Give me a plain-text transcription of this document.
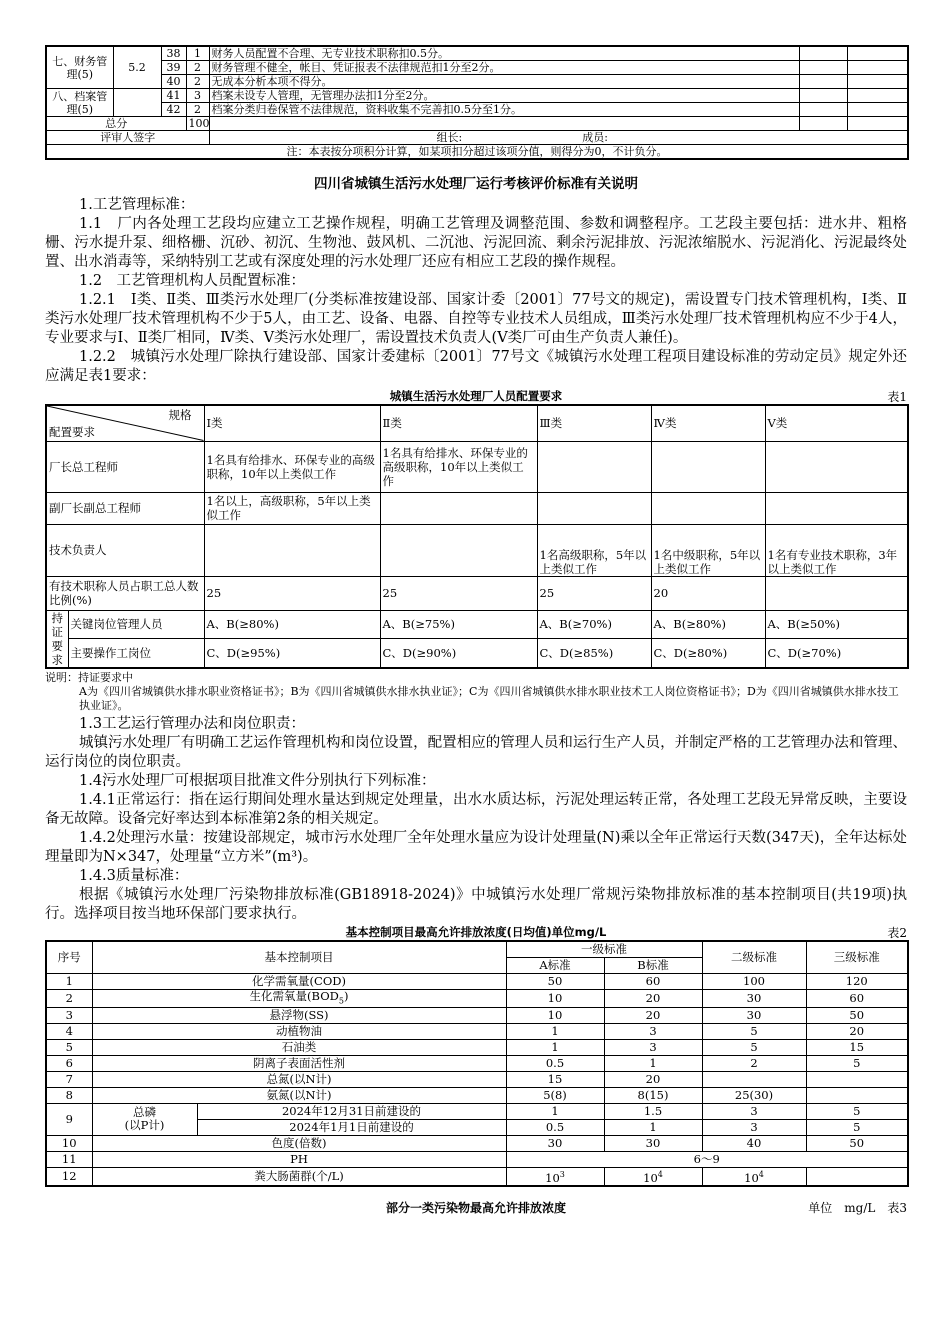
七、财务管理(5)	5.2	38	1	财务人员配置不合理、无专业技术职称扣0.5分。		
		39	2	财务管理不健全，帐目、凭证报表不法律规范扣1分至2分。		
		40	2	无成本分析本项不得分。		
八、档案管理(5)		41	3	档案未设专人管理，无管理办法扣1分至2分。		
		42	2	档案分类归卷保管不法律规范，资料收集不完善扣0.5分至1分。		
总分			100			
评审人签字				组长: 成员:		
注：本表按分项积分计算，如某项扣分超过该项分值，则得分为0，不计负分。						
四川省城镇生活污水处理厂运行考核评价标准有关说明

1.工艺管理标准：

1.1　厂内各处理工艺段均应建立工艺操作规程，明确工艺管理及调整范围、参数和调整程序。工艺段主要包括：进水井、粗格栅、污水提升泵、细格栅、沉砂、初沉、生物池、鼓风机、二沉池、污泥回流、剩余污泥排放、污泥浓缩脱水、污泥消化、污泥最终处置、出水消毒等，采纳特别工艺或有深度处理的污水处理厂还应有相应工艺段的操作规程。

1.2　工艺管理机构人员配置标准：

1.2.1　Ⅰ类、Ⅱ类、Ⅲ类污水处理厂(分类标准按建设部、国家计委〔2001〕77号文的规定)，需设置专门技术管理机构，Ⅰ类、Ⅱ类污水处理厂技术管理机构不少于5人，由工艺、设备、电器、自控等专业技术人员组成，Ⅲ类污水处理厂技术管理机构应不少于4人，专业要求与Ⅰ、Ⅱ类厂相同，Ⅳ类、Ⅴ类污水处理厂，需设置技术负责人(Ⅴ类厂可由生产负责人兼任)。

1.2.2　城镇污水处理厂除执行建设部、国家计委建标〔2001〕77号文《城镇污水处理工程项目建设标准的劳动定员》规定外还应满足表1要求：

城镇生活污水处理厂人员配置要求	表1
规格
配置要求		Ⅰ类	Ⅱ类	Ⅲ类	Ⅳ类	Ⅴ类
厂长总工程师		1名具有给排水、环保专业的高级职称，10年以上类似工作	1名具有给排水、环保专业的高级职称，10年以上类似工作			
副厂长副总工程师		1名以上，高级职称，5年以上类似工作				
技术负责人				1名高级职称，5年以上类似工作	1名中级职称，5年以上类似工作	1名有专业技术职称，3年以上类似工作
有技术职称人员占职工总人数比例(%)		25	25	25	20	
持证要求	关键岗位管理人员	A、B(≥80%)	A、B(≥75%)	A、B(≥70%)	A、B(≥80%)	A、B(≥50%)
	主要操作工岗位	C、D(≥95%)	C、D(≥90%)	C、D(≥85%)	C、D(≥80%)	C、D(≥70%)
说明：持证要求中
A为《四川省城镇供水排水职业资格证书》；B为《四川省城镇供水排水执业证》；C为《四川省城镇供水排水职业技术工人岗位资格证书》；D为《四川省城镇供水排水技工执业证》。

1.3工艺运行管理办法和岗位职责：

城镇污水处理厂有明确工艺运作管理机构和岗位设置，配置相应的管理人员和运行生产人员，并制定严格的工艺管理办法和管理、运行岗位的岗位职责。

1.4污水处理厂可根据项目批准文件分别执行下列标准：

1.4.1正常运行：指在运行期间处理水量达到规定处理量，出水水质达标，污泥处理运转正常，各处理工艺段无异常反映，主要设备无故障。设备完好率达到本标准第2条的相关规定。

1.4.2处理污水量：按建设部规定，城市污水处理厂全年处理水量应为设计处理量(N)乘以全年正常运行天数(347天)，全年达标处理量即为N×347，处理量“立方米”(m³)。

1.4.3质量标准：

根据《城镇污水处理厂污染物排放标准(GB18918-2024)》中城镇污水处理厂常规污染物排放标准的基本控制项目(共19项)执行。选择项目按当地环保部门要求执行。

基本控制项目最高允许排放浓度(日均值)单位mg/L	表2
序号	基本控制项目		一级标准		二级标准	三级标准
			A标准	B标准		
1	化学需氧量(COD)		50	60	100	120
2	生化需氧量$(BOD_5)$		10	20	30	60
3	悬浮物(SS)		10	20	30	50
4	动植物油		1	3	5	20
5	石油类		1	3	5	15
6	阴离子表面活性剂		0.5	1	2	5
7	总氮(以N计)		15	20		
8	氨氮(以N计)		5(8)	8(15)	25(30)	
9	总磷
(以P计)	2024年12月31日前建设的	1	1.5	3	5
		2024年1月1日前建设的	0.5	1	3	5
10	色度(倍数)		30	30	40	50
11	PH		6～9			
12	粪大肠菌群(个/L)		$10^3$	$10^4$	$10^4$	
部分一类污染物最高允许排放浓度	单位　mg/L　表3
